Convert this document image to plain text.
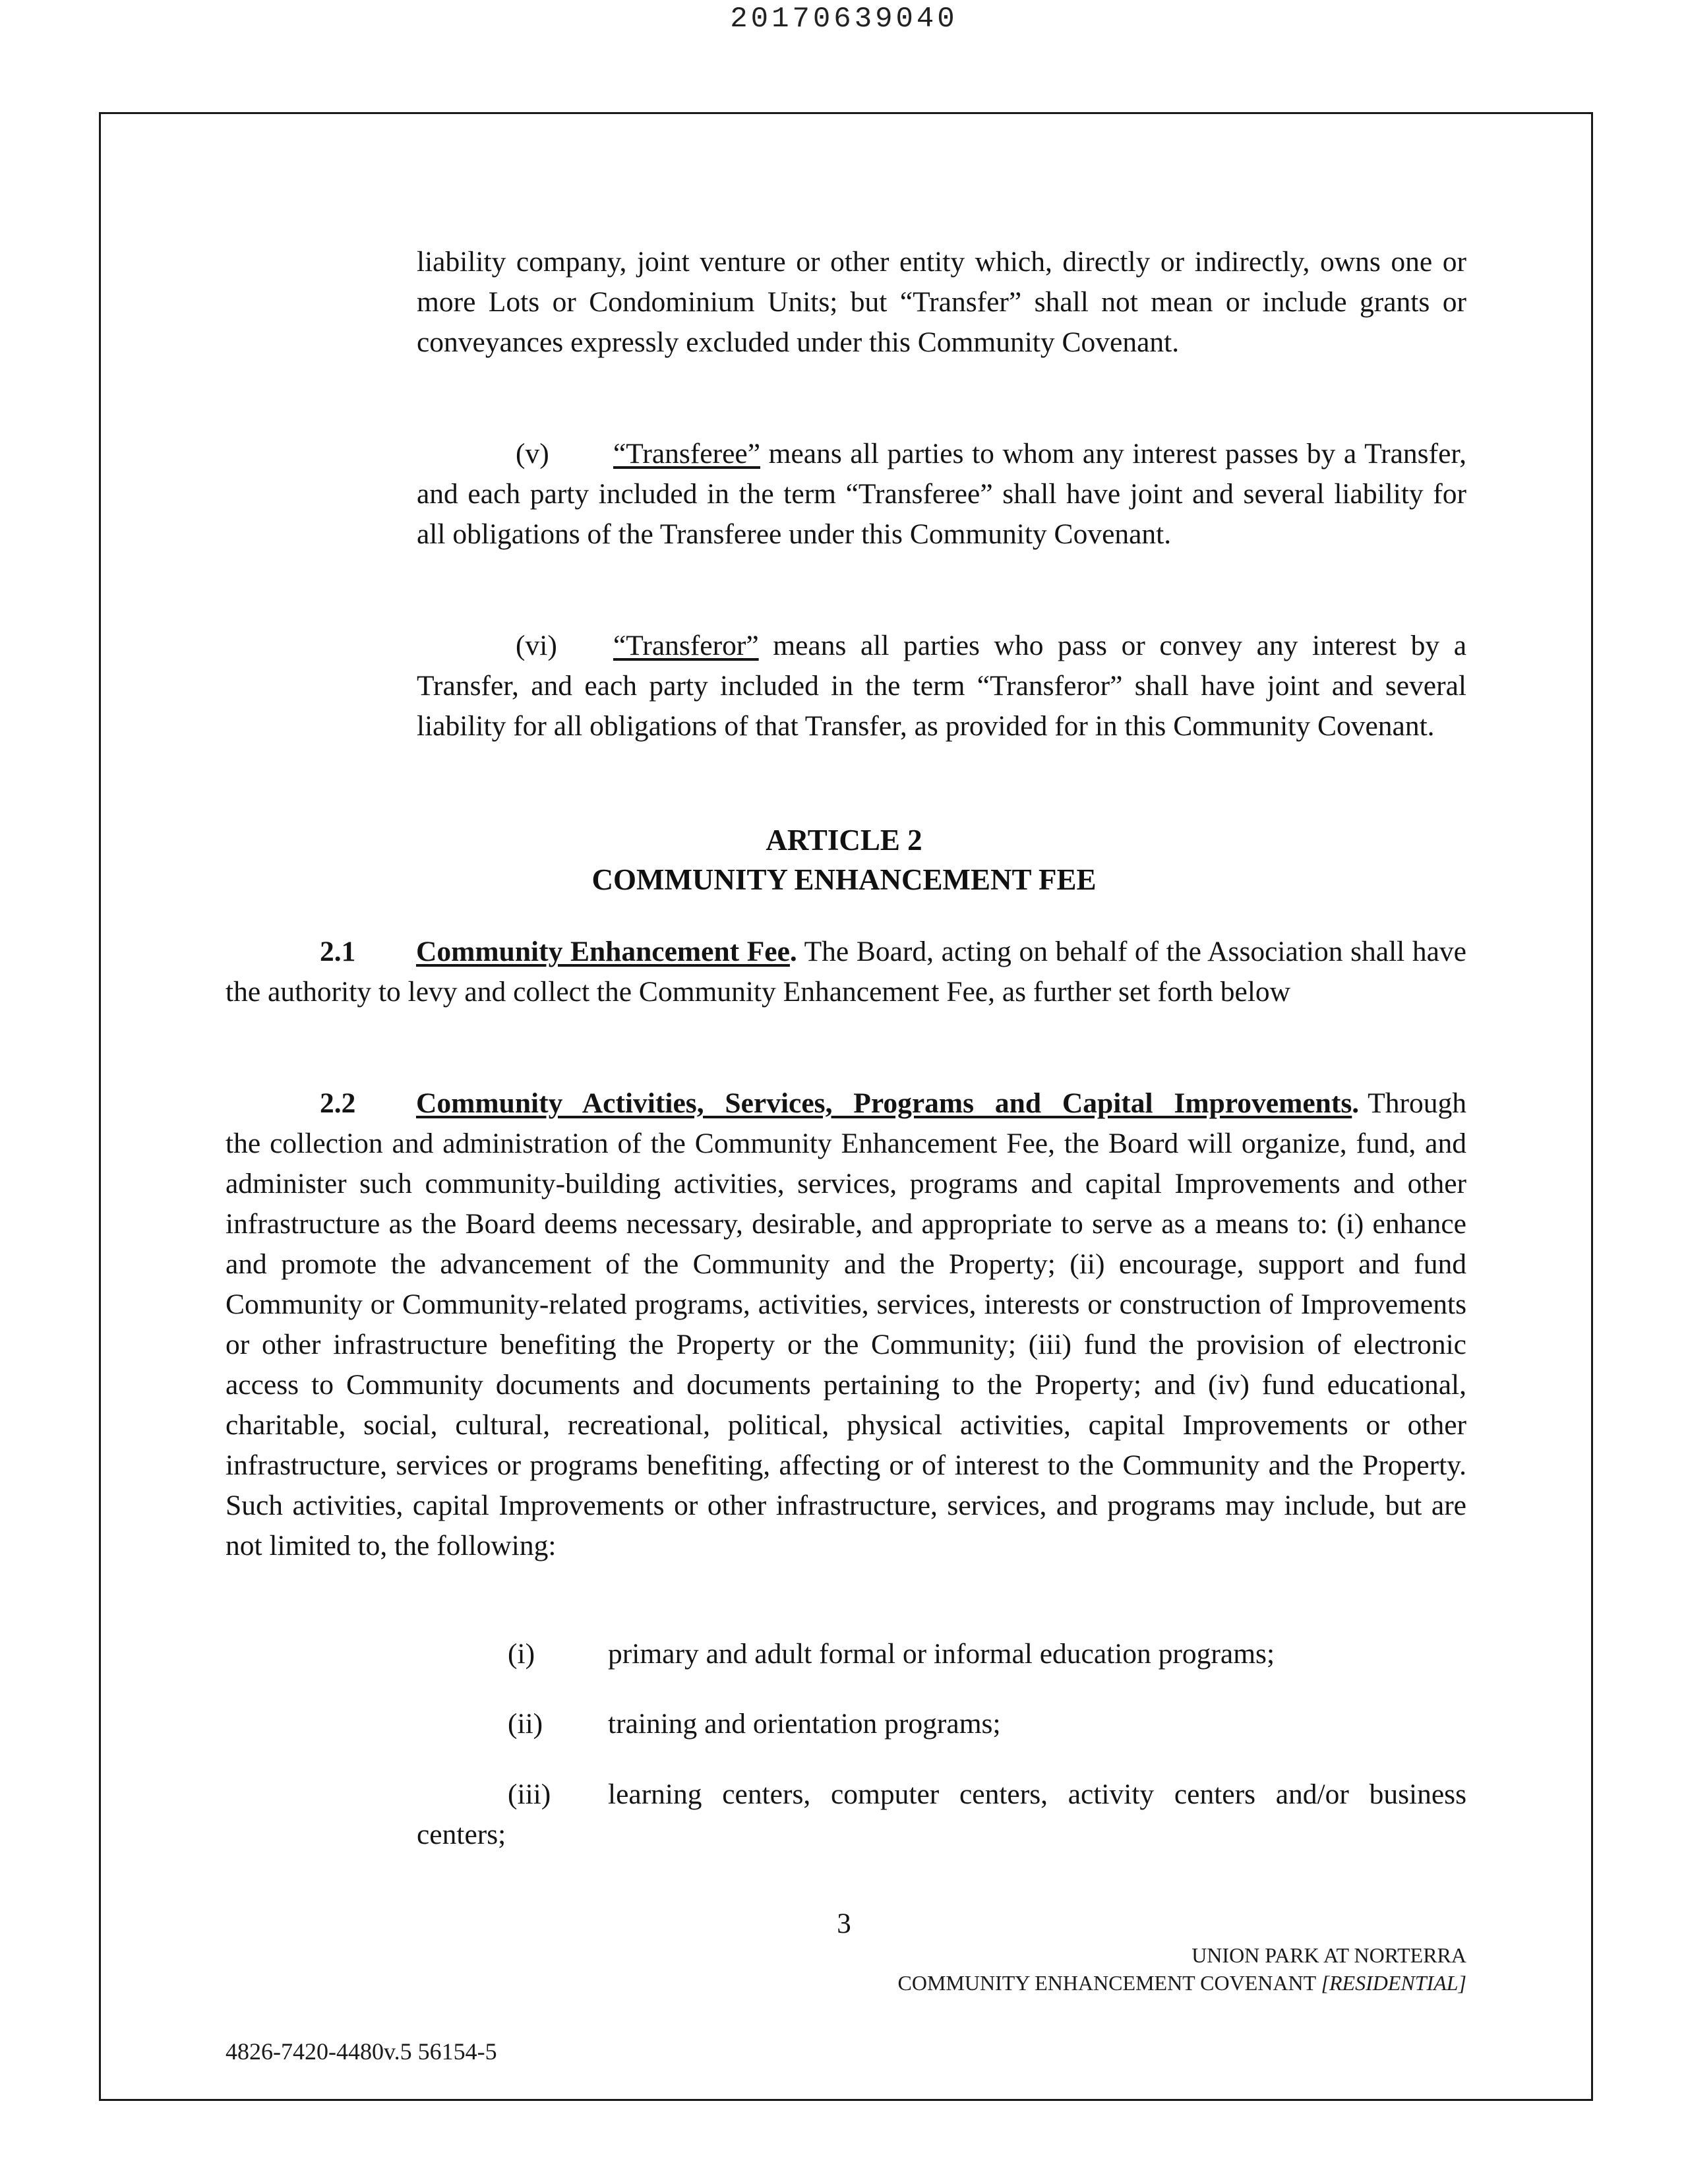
20170639040
liability company, joint venture or other entity which, directly or indirectly, owns one or more Lots or Condominium Units; but “Transfer” shall not mean or include grants or conveyances expressly excluded under this Community Covenant.
(v) “Transferee” means all parties to whom any interest passes by a Transfer, and each party included in the term “Transferee” shall have joint and several liability for all obligations of the Transferee under this Community Covenant.
(vi) “Transferor” means all parties who pass or convey any interest by a Transfer, and each party included in the term “Transferor” shall have joint and several liability for all obligations of that Transfer, as provided for in this Community Covenant.
ARTICLE 2
COMMUNITY ENHANCEMENT FEE
2.1 Community Enhancement Fee. The Board, acting on behalf of the Association shall have the authority to levy and collect the Community Enhancement Fee, as further set forth below
2.2 Community Activities, Services, Programs and Capital Improvements. Through the collection and administration of the Community Enhancement Fee, the Board will organize, fund, and administer such community-building activities, services, programs and capital Improvements and other infrastructure as the Board deems necessary, desirable, and appropriate to serve as a means to: (i) enhance and promote the advancement of the Community and the Property; (ii) encourage, support and fund Community or Community-related programs, activities, services, interests or construction of Improvements or other infrastructure benefiting the Property or the Community; (iii) fund the provision of electronic access to Community documents and documents pertaining to the Property; and (iv) fund educational, charitable, social, cultural, recreational, political, physical activities, capital Improvements or other infrastructure, services or programs benefiting, affecting or of interest to the Community and the Property. Such activities, capital Improvements or other infrastructure, services, and programs may include, but are not limited to, the following:
(i)	primary and adult formal or informal education programs;
(ii) training and orientation programs;
(iii) learning centers, computer centers, activity centers and/or business centers;
3
UNION PARK AT NORTERRA
COMMUNITY ENHANCEMENT COVENANT [RESIDENTIAL]
4826-7420-4480v.5 56154-5
